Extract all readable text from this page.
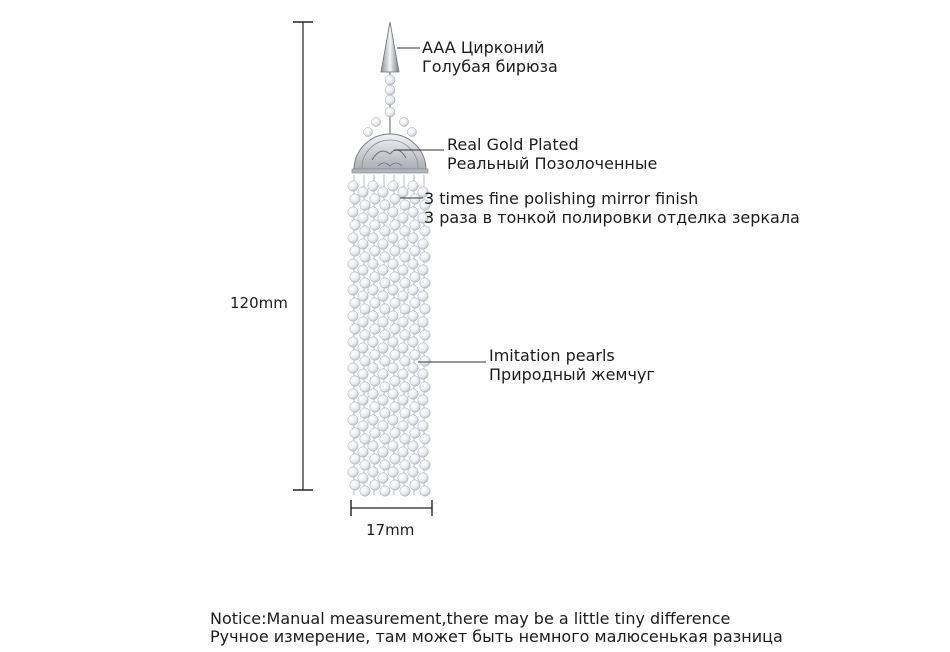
AAA Цирконий
Голубая бирюза
Real Gold Plated
Реальный Позолоченные
3 times fine polishing mirror finish
3 раза в тонкой полировки отделка зеркала
Imitation pearls
Природный жемчуг
120mm
17mm
Notice:Manual measurement,there may be a little tiny difference
Ручное измерение, там может быть немного малюсенькая разница
